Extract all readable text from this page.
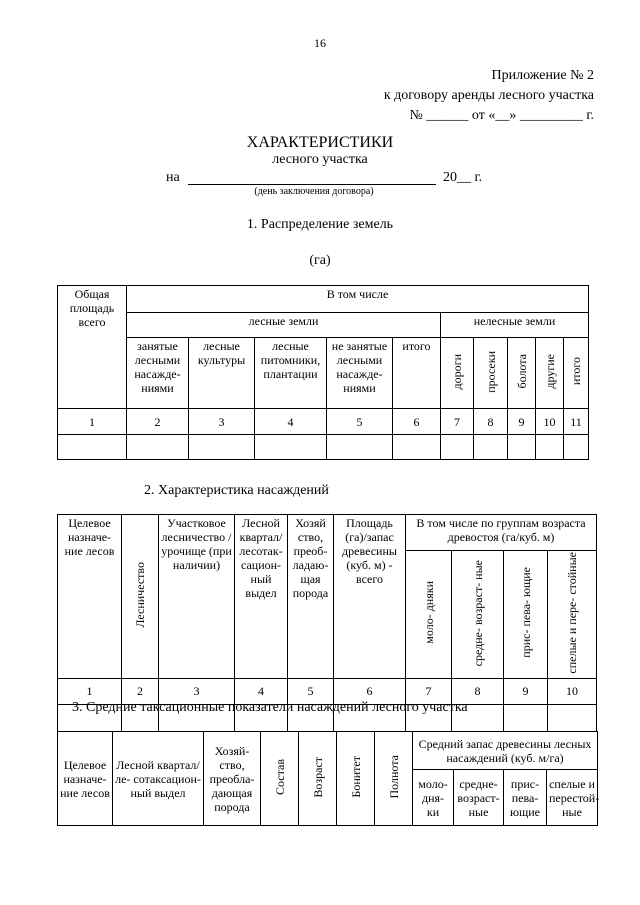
16
Приложение № 2
к договору аренды лесного участка
№ ______ от «__» _________ г.
ХАРАКТЕРИСТИКИ
лесного участка
на	20__ г.
(день заключения договора)
1. Распределение земель
(га)
Общая площадь всего	В том числе									
	лесные земли					нелесные земли				
	занятые лесными насажде- ниями	лесные культуры	лесные питомники, плантации	не занятые лесными насажде- ниями	итого	дороги	просеки	болота	другие	итого
1	2	3	4	5	6	7	8	9	10	11

2. Характеристика насаждений
Целевое назначе- ние лесов	Лесничество	Участковое лесничество /урочище (при наличии)	Лесной квартал/ лесотак- сацион- ный выдел	Хозяй ство, преоб- ладаю- щая порода	Площадь (га)/запас древесины (куб. м) - всего	В том числе по группам возраста древостоя (га/куб. м)			
						моло- дняки	средне- возраст- ные	прис- пева- ющие	спелые и пере- стойные
1	2	3	4	5	6	7	8	9	10

3. Средние таксационные показатели насаждений лесного участка
Целевое назначе- ние лесов	Лесной квартал/ле- сотаксацион- ный выдел	Хозяй- ство, преобла- дающая порода	Состав	Возраст	Бонитет	Полнота	Средний запас древесины лесных насаждений (куб. м/га)			
							моло- дня- ки	средне- возраст- ные	прис- пева- ющие	спелые и перестой- ные
